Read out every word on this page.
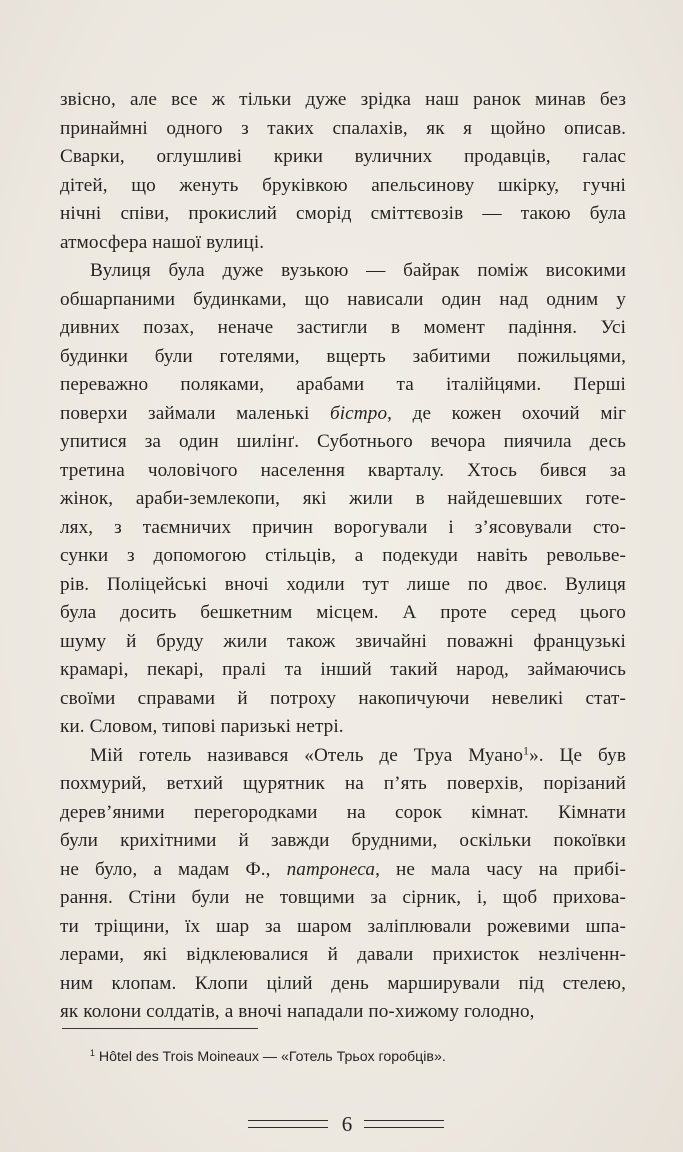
звісно, але все ж тільки дуже зрідка наш ранок минав без
принаймні одного з таких спалахів, як я щойно описав.
Сварки, оглушливі крики вуличних продавців, галас
дітей, що женуть бруківкою апельсинову шкірку, гучні
нічні співи, прокислий сморід сміттєвозів — такою була
атмосфера нашої вулиці.
Вулиця була дуже вузькою — байрак поміж високими
обшарпаними будинками, що нависали один над одним у
дивних позах, неначе застигли в момент падіння. Усі
будинки були готелями, вщерть забитими пожильцями,
переважно поляками, арабами та італійцями. Перші
поверхи займали маленькі бістро, де кожен охочий міг
упитися за один шилінґ. Суботнього вечора пиячила десь
третина чоловічого населення кварталу. Хтось бився за
жінок, араби-землекопи, які жили в найдешевших готе-
лях, з таємничих причин ворогували і з’ясовували сто-
сунки з допомогою стільців, а подекуди навіть револьве-
рів. Поліцейські вночі ходили тут лише по двоє. Вулиця
була досить бешкетним місцем. А проте серед цього
шуму й бруду жили також звичайні поважні французькі
крамарі, пекарі, пралі та інший такий народ, займаючись
своїми справами й потроху накопичуючи невеликі стат-
ки. Словом, типові паризькі нетрі.
Мій готель називався «Отель де Труа Муано$^1$». Це був
похмурий, ветхий щурятник на п’ять поверхів, порізаний
дерев’яними перегородками на сорок кімнат. Кімнати
були крихітними й завжди брудними, оскільки покоївки
не було, а мадам Ф., патронеса, не мала часу на прибі-
рання. Стіни були не товщими за сірник, і, щоб прихова-
ти тріщини, їх шар за шаром заліплювали рожевими шпа-
лерами, які відклеювалися й давали прихисток незліченн-
ним клопам. Клопи цілий день марширували під стелею,
як колони солдатів, а вночі нападали по-хижому голодно,
$^1$ Hôtel des Trois Moineaux — «Готель Трьох горобців».
6
